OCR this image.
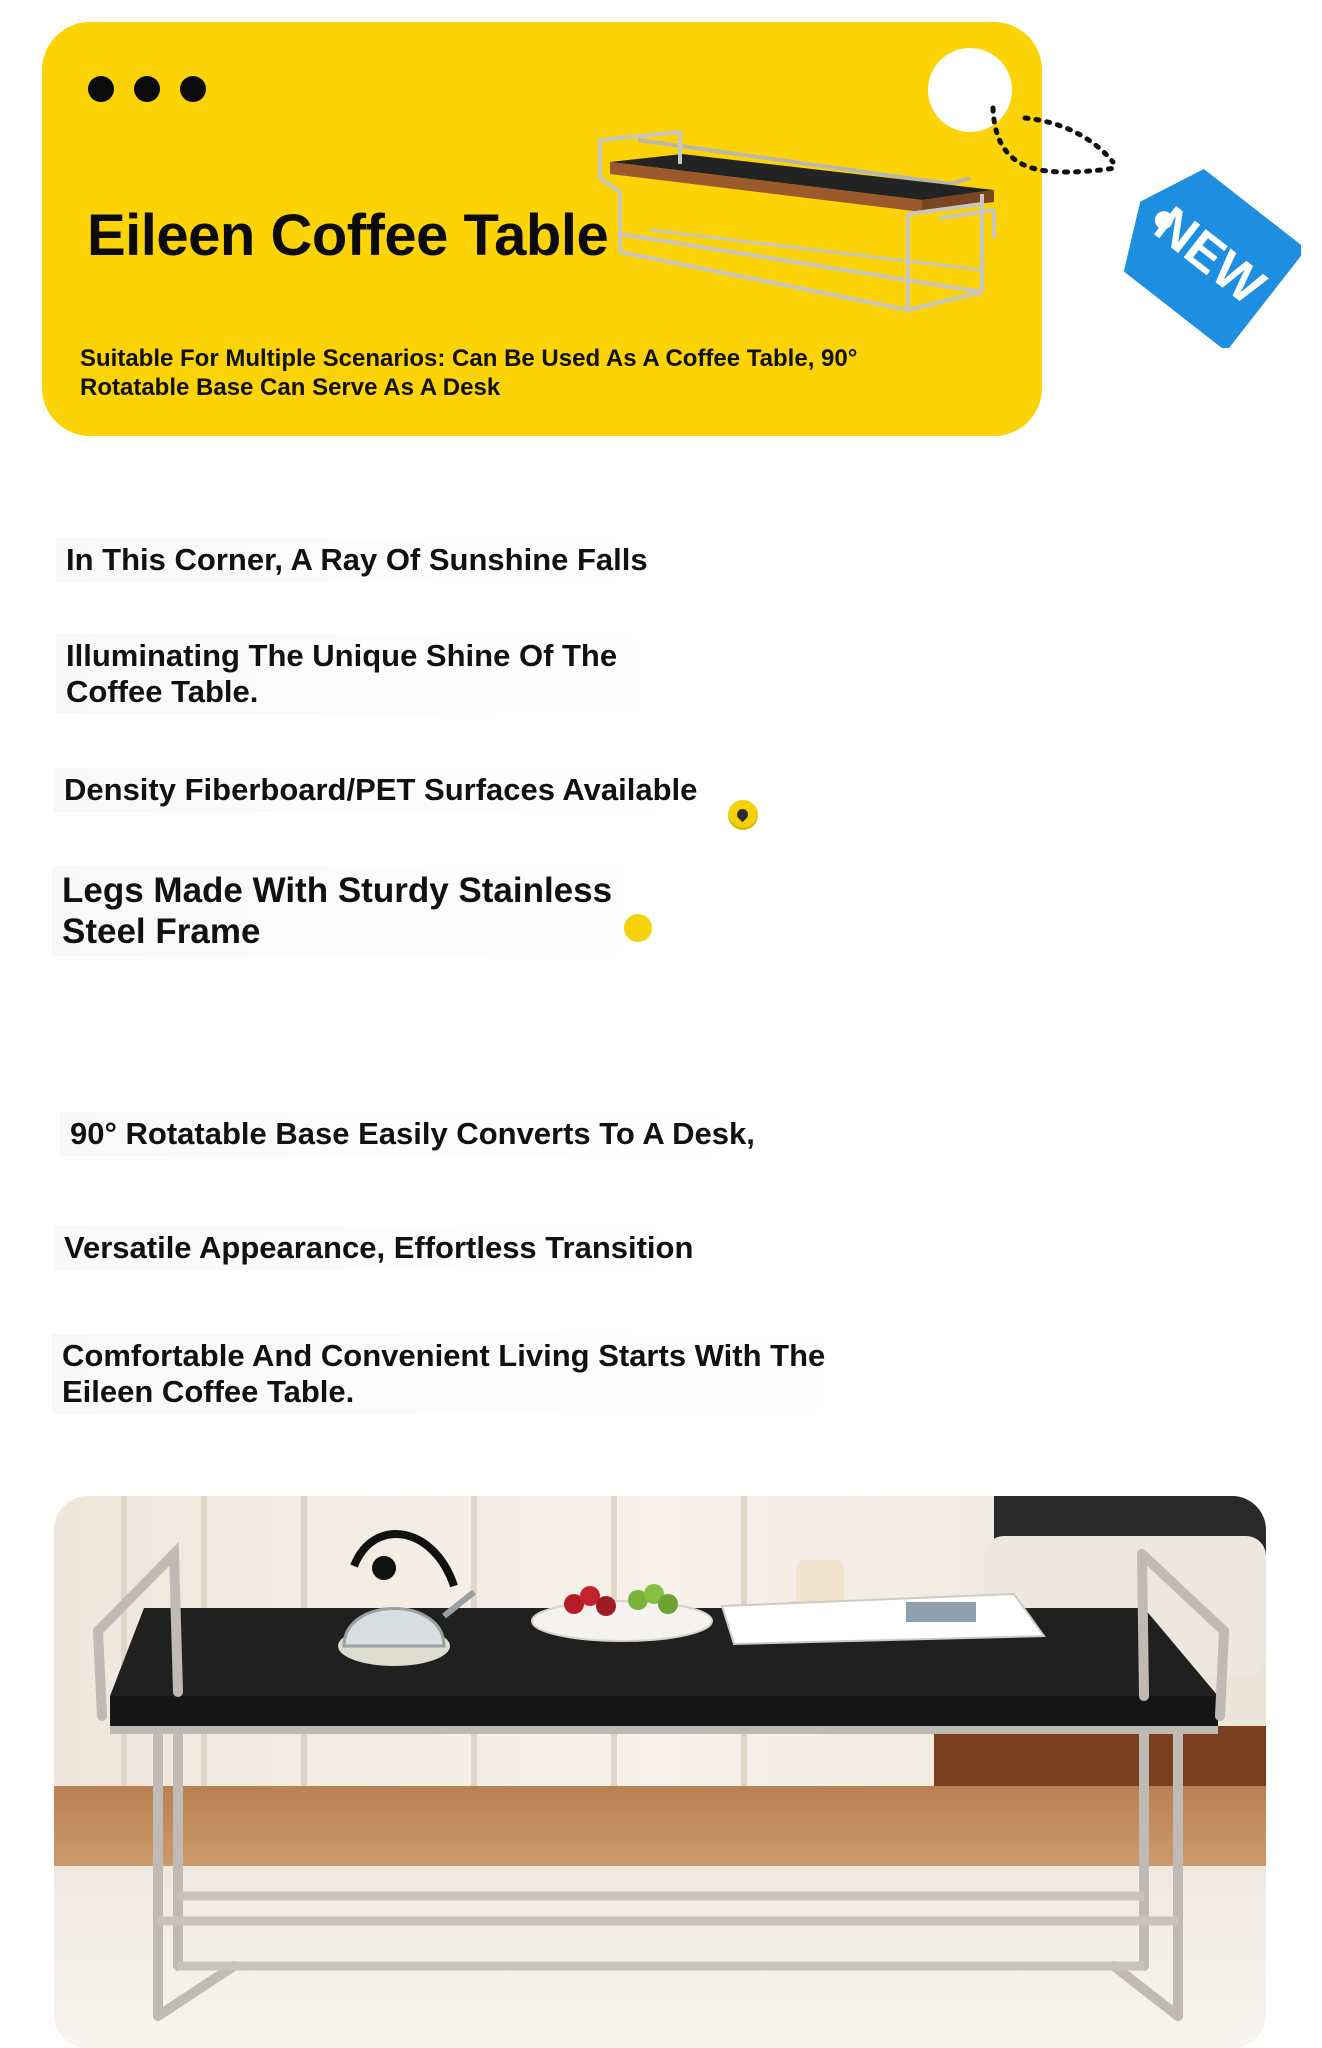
Eileen Coffee Table
Suitable For Multiple Scenarios: Can Be Used As A Coffee Table, 90° Rotatable Base Can Serve As A Desk
NEW
In This Corner, A Ray Of Sunshine Falls
Illuminating The Unique Shine Of The Coffee Table.
Density Fiberboard/PET Surfaces Available
Legs Made With Sturdy Stainless Steel Frame
90° Rotatable Base Easily Converts To A Desk,
Versatile Appearance, Effortless Transition
Comfortable And Convenient Living Starts With The Eileen Coffee Table.
